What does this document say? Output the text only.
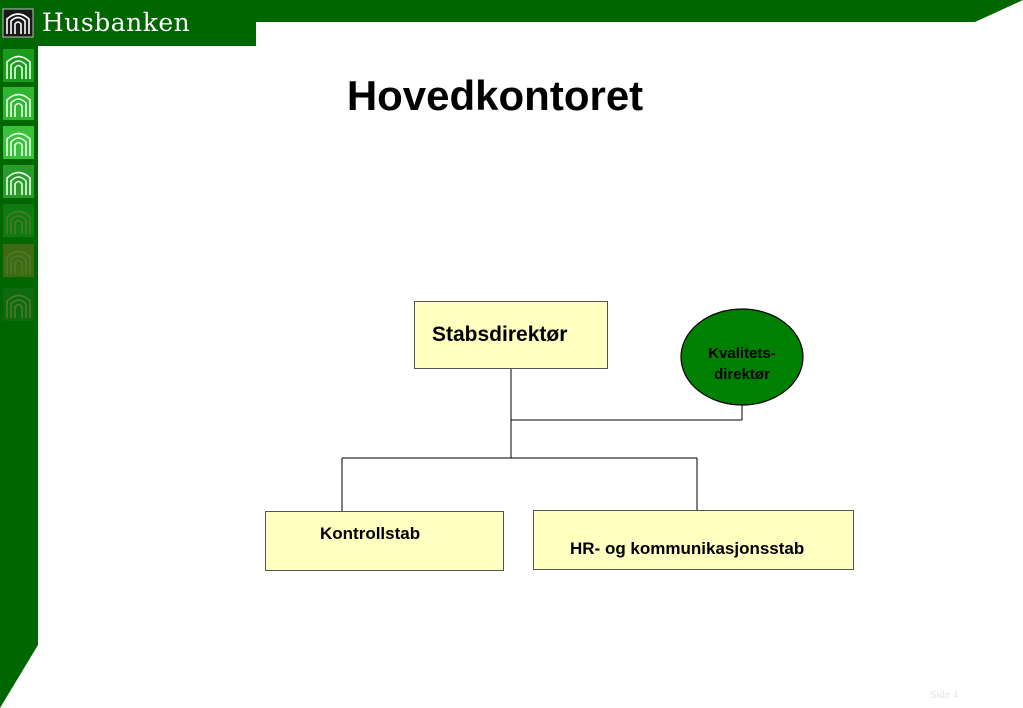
Husbanken
Hovedkontoret
Stabsdirektør
Kvalitets-
direktør
Kontrollstab
HR- og kommunikasjonsstab
Side 4
